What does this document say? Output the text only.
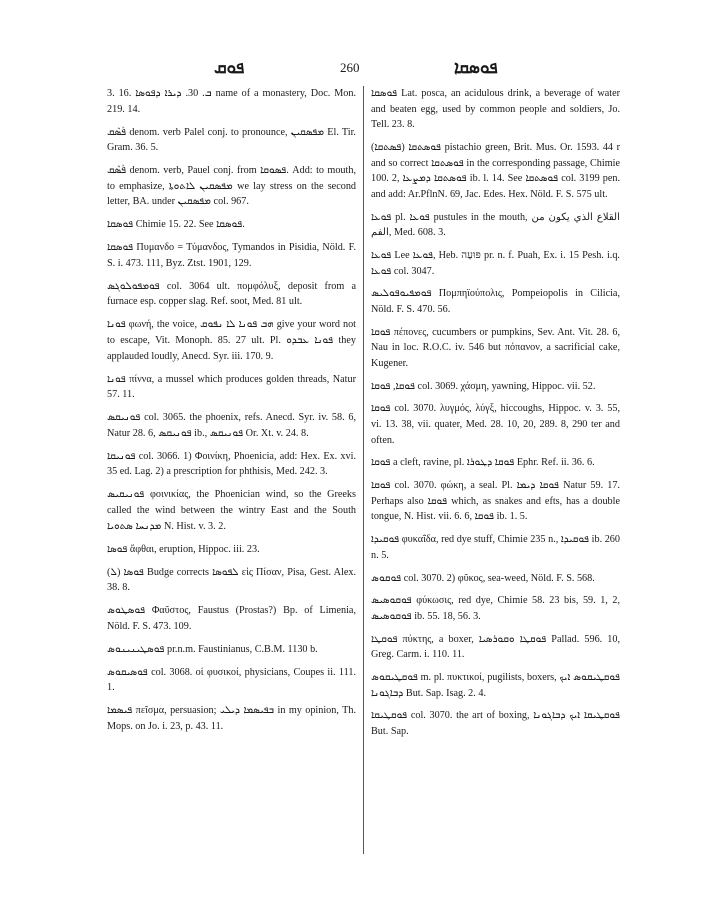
ܦܘܩ	260	ܦܘܣܩܐ

3. 16. ܒ. 30. ܕܝܪܐ ܕܦܘܣܐ name of a monastery, Doc. Mon. 219. 14.

ܦܰܣܶܩ denom. verb Palel conj. to pronounce, ܡܦܣܩܝܢ El. Tir. Gram. 36. 5.

ܦܰܣܶܩ denom. verb, Pauel conj. from ܦܣܘܩܐ. Add: to mouth, to emphasize, ܡܦܣܩܝܢ ܠܐܬܘܬܐ we lay stress on the second letter, BA. under ܡܦܣܩܝܢ col. 967.

ܦܘܣܩܐ Chimie 15. 22. See ܦܘܣܩܐ.

ܦܘܣܩܐ Πυμανδο = Τύμανδος, Tymandos in Pisidia, Nöld. F. S. i. 473. 111, Byz. Ztst. 1901, 129.

ܦܘܡܦܘܠܘܓܣ col. 3064 ult. πομφόλυξ, deposit from a furnace esp. copper slag. Ref. soot, Med. 81 ult.

ܦܘܢܐ φωνή, the voice, ܗܒ ܦܘܢܐ ܠܐ ܢܦܘܩ give your word not to escape, Vit. Monoph. 85. 27 ult. Pl. ܦܘܢܐ ܥܒܕܘ they applauded loudly, Anecd. Syr. iii. 170. 9.

ܦܘܢܐ πίννα, a mussel which produces golden threads, Natur 57. 11.

ܦܘܢܝܩܣ col. 3065. the phoenix, refs. Anecd. Syr. iv. 58. 6, Natur 28. 6, ܦܘܢܝܩܣ ib., ܦܘܢܝܩܣ Or. Xt. v. 24. 8.

ܦܘܢܝܩܐ col. 3066. 1) Φοινίκη, Phoenicia, add: Hex. Ex. xvi. 35 ed. Lag. 2) a prescription for phthisis, Med. 242. 3.

ܦܘܢܝܩܝܣ φοινικίας, the Phoenician wind, so the Greeks called the wind between the wintry East and the South ܡܕܢܚܐ ܣܬܘܝܐ N. Hist. v. 3. 2.

ܦܘܣܐ ἄφθαι, eruption, Hippoc. iii. 23.

ܦܘܣܐ (ܠ) Budge corrects ܠܦܘܣܐ εἰς Πίσαν, Pisa, Gest. Alex. 38. 8.

ܦܘܣܛܘܣ Φαῦστος, Faustus (Prostas?) Bp. of Limenia, Nöld. F. S. 473. 109.

ܦܘܣܛܝܢܝܢܘܣ pr.n.m. Faustinianus, C.B.M. 1130 b.

ܦܘܣܝܩܘܣ col. 3068. οἱ φυσικοί, physicians, Coupes ii. 111. 1.

ܦܝܣܡܐ πεῖσμα, persuasion; ܒܦܝܣܡܐ ܕܝܠܝ in my opinion, Th. Mops. on Jo. i. 23, p. 43. 11.

ܦܘܣܩܐ Lat. posca, an acidulous drink, a beverage of water and beaten egg, used by common people and soldiers, Jo. Tell. 23. 8.

ܦܘܣܬܩܐ (ܦܣܬܩܐ) pistachio green, Brit. Mus. Or. 1593. 44 r and so correct ܦܘܣܬܩܐ in the corresponding passage, Chimie 100. 2, ܦܘܣܬܩܐ ܕܡܨܥܐ ib. l. 14. See ܦܘܣܬܩܐ col. 3199 pen. and add: Ar.PflnN. 69, Jac. Edes. Hex. Nöld. F. S. 575 ult.

ܦܘܥܐ pl. ܦܘܥܐ pustules in the mouth, القلاع الذي يكون من الفم, Med. 608. 3.

ܦܘܥܐ Lee ܦܘܥܐ, Heb. פּוּעָה pr. n. f. Puah, Ex. i. 15 Pesh. i.q. ܦܘܥܐ col. 3047.

ܦܘܡܦܝܘܦܘܠܝܣ Πομπηϊούπολις, Pompeiopolis in Cilicia, Nöld. F. S. 470. 56.

ܦܘܩܐ πέπονες, cucumbers or pumpkins, Sev. Ant. Vit. 28. 6, Nau in loc. R.O.C. iv. 546 but πόπανον, a sacrificial cake, Kugener.

ܦܘܩܐ, ܦܘܩܐ col. 3069. χάσμη, yawning, Hippoc. vii. 52.

ܦܘܩܐ col. 3070. λυγμός, λύγξ, hiccoughs, Hippoc. v. 3. 55, vi. 13. 38, vii. quater, Med. 28. 10, 20, 289. 8, 290 ter and often.

ܦܘܩܐ a cleft, ravine, pl. ܦܘܩܐ ܕܛܘܪܐ Ephr. Ref. ii. 36. 6.

ܦܘܩܐ col. 3070. φώκη, a seal. Pl. ܦܘܩܐ ܕܝܡܐ Natur 59. 17. Perhaps also ܦܘܩܐ which, as snakes and efts, has a double tongue, N. Hist. vii. 6. 6, ܦܘܩܐ ib. 1. 5.

ܦܘܩܝܕܐ φυκαΐδα, red dye stuff, Chimie 235 n., ܦܘܩܝܕܐ ib. 260 n. 5.

ܦܘܩܘܣ col. 3070. 2) φῦκος, sea-weed, Nöld. F. S. 568.

ܦܘܩܘܣܝܣ φύκωσις, red dye, Chimie 58. 23 bis, 59. 1, 2, ܦܘܩܘܣܝܣ ib. 55. 18, 56. 3.

ܦܘܩܛܐ πύκτης, a boxer, ܦܘܩܛܐ ܘܩܘܪܣܝܐ Pallad. 596. 10, Greg. Carm. i. 110. 11.

ܦܘܩܛܝܩܘܣ m. pl. πυκτικοί, pugilists, boxers, ܦܘܩܛܝܩܘܣ ܐܝܟ ܕܒܐܓܘܢܐ But. Sap. Isag. 2. 4.

ܦܘܩܛܝܩܐ col. 3070. the art of boxing, ܦܘܩܛܝܩܐ ܐܝܟ ܕܒܐܓܘܢܐ But. Sap.
